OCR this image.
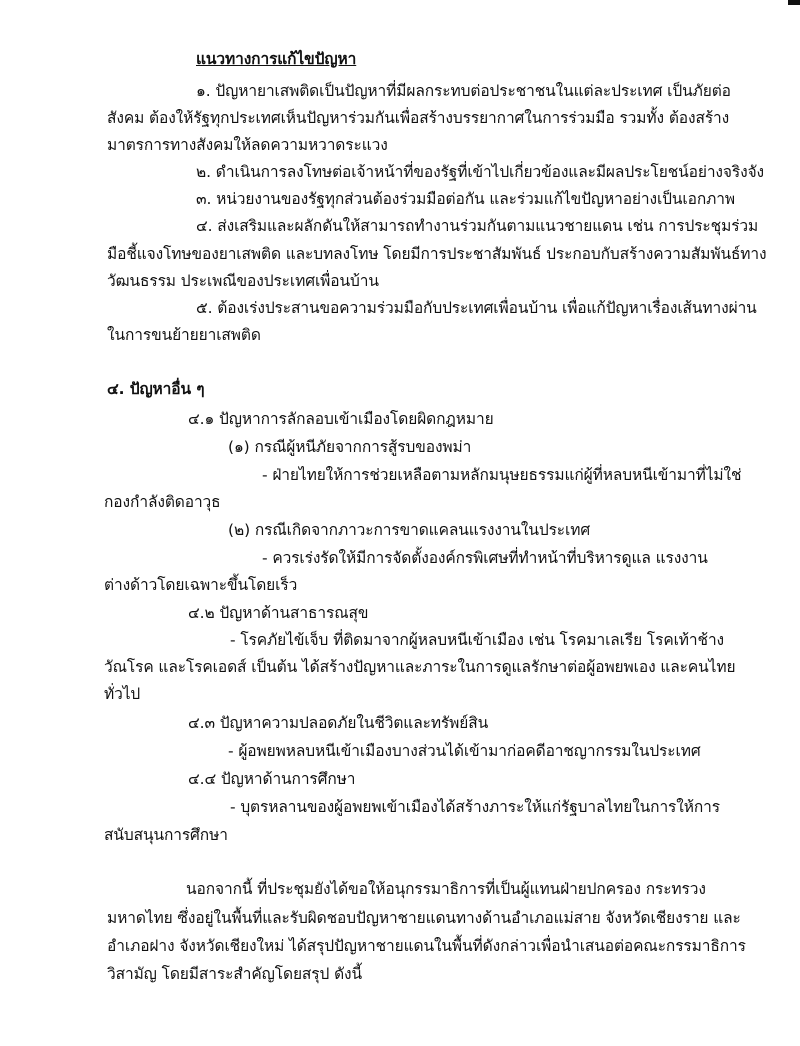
แนวทางการแก้ไขปัญหา
๑. ปัญหายาเสพติดเป็นปัญหาที่มีผลกระทบต่อประชาชนในแต่ละประเทศ เป็นภัยต่อ
สังคม ต้องให้รัฐทุกประเทศเห็นปัญหาร่วมกันเพื่อสร้างบรรยากาศในการร่วมมือ รวมทั้ง ต้องสร้าง
มาตรการทางสังคมให้ลดความหวาดระแวง
๒. ดำเนินการลงโทษต่อเจ้าหน้าที่ของรัฐที่เข้าไปเกี่ยวข้องและมีผลประโยชน์อย่างจริงจัง
๓. หน่วยงานของรัฐทุกส่วนต้องร่วมมือต่อกัน และร่วมแก้ไขปัญหาอย่างเป็นเอกภาพ
๔. ส่งเสริมและผลักดันให้สามารถทำงานร่วมกันตามแนวชายแดน เช่น การประชุมร่วม
มือชี้แจงโทษของยาเสพติด และบทลงโทษ โดยมีการประชาสัมพันธ์ ประกอบกับสร้างความสัมพันธ์ทาง
วัฒนธรรม ประเพณีของประเทศเพื่อนบ้าน
๕. ต้องเร่งประสานขอความร่วมมือกับประเทศเพื่อนบ้าน เพื่อแก้ปัญหาเรื่องเส้นทางผ่าน
ในการขนย้ายยาเสพติด
๔. ปัญหาอื่น ๆ
๔.๑ ปัญหาการลักลอบเข้าเมืองโดยผิดกฎหมาย
(๑) กรณีผู้หนีภัยจากการสู้รบของพม่า
- ฝ่ายไทยให้การช่วยเหลือตามหลักมนุษยธรรมแก่ผู้ที่หลบหนีเข้ามาที่ไม่ใช่
กองกำลังติดอาวุธ
(๒) กรณีเกิดจากภาวะการขาดแคลนแรงงานในประเทศ
- ควรเร่งรัดให้มีการจัดตั้งองค์กรพิเศษที่ทำหน้าที่บริหารดูแล แรงงาน
ต่างด้าวโดยเฉพาะขึ้นโดยเร็ว
๔.๒ ปัญหาด้านสาธารณสุข
- โรคภัยไข้เจ็บ ที่ติดมาจากผู้หลบหนีเข้าเมือง เช่น โรคมาเลเรีย โรคเท้าช้าง
วัณโรค และโรคเอดส์ เป็นต้น ได้สร้างปัญหาและภาระในการดูแลรักษาต่อผู้อพยพเอง และคนไทย
ทั่วไป
๔.๓ ปัญหาความปลอดภัยในชีวิตและทรัพย์สิน
- ผู้อพยพหลบหนีเข้าเมืองบางส่วนได้เข้ามาก่อคดีอาชญากรรมในประเทศ
๔.๔ ปัญหาด้านการศึกษา
- บุตรหลานของผู้อพยพเข้าเมืองได้สร้างภาระให้แก่รัฐบาลไทยในการให้การ
สนับสนุนการศึกษา
นอกจากนี้ ที่ประชุมยังได้ขอให้อนุกรรมาธิการที่เป็นผู้แทนฝ่ายปกครอง กระทรวง
มหาดไทย ซึ่งอยู่ในพื้นที่และรับผิดชอบปัญหาชายแดนทางด้านอำเภอแม่สาย จังหวัดเชียงราย และ
อำเภอฝาง จังหวัดเชียงใหม่ ได้สรุปปัญหาชายแดนในพื้นที่ดังกล่าวเพื่อนำเสนอต่อคณะกรรมาธิการ
วิสามัญ โดยมีสาระสำคัญโดยสรุป ดังนี้
